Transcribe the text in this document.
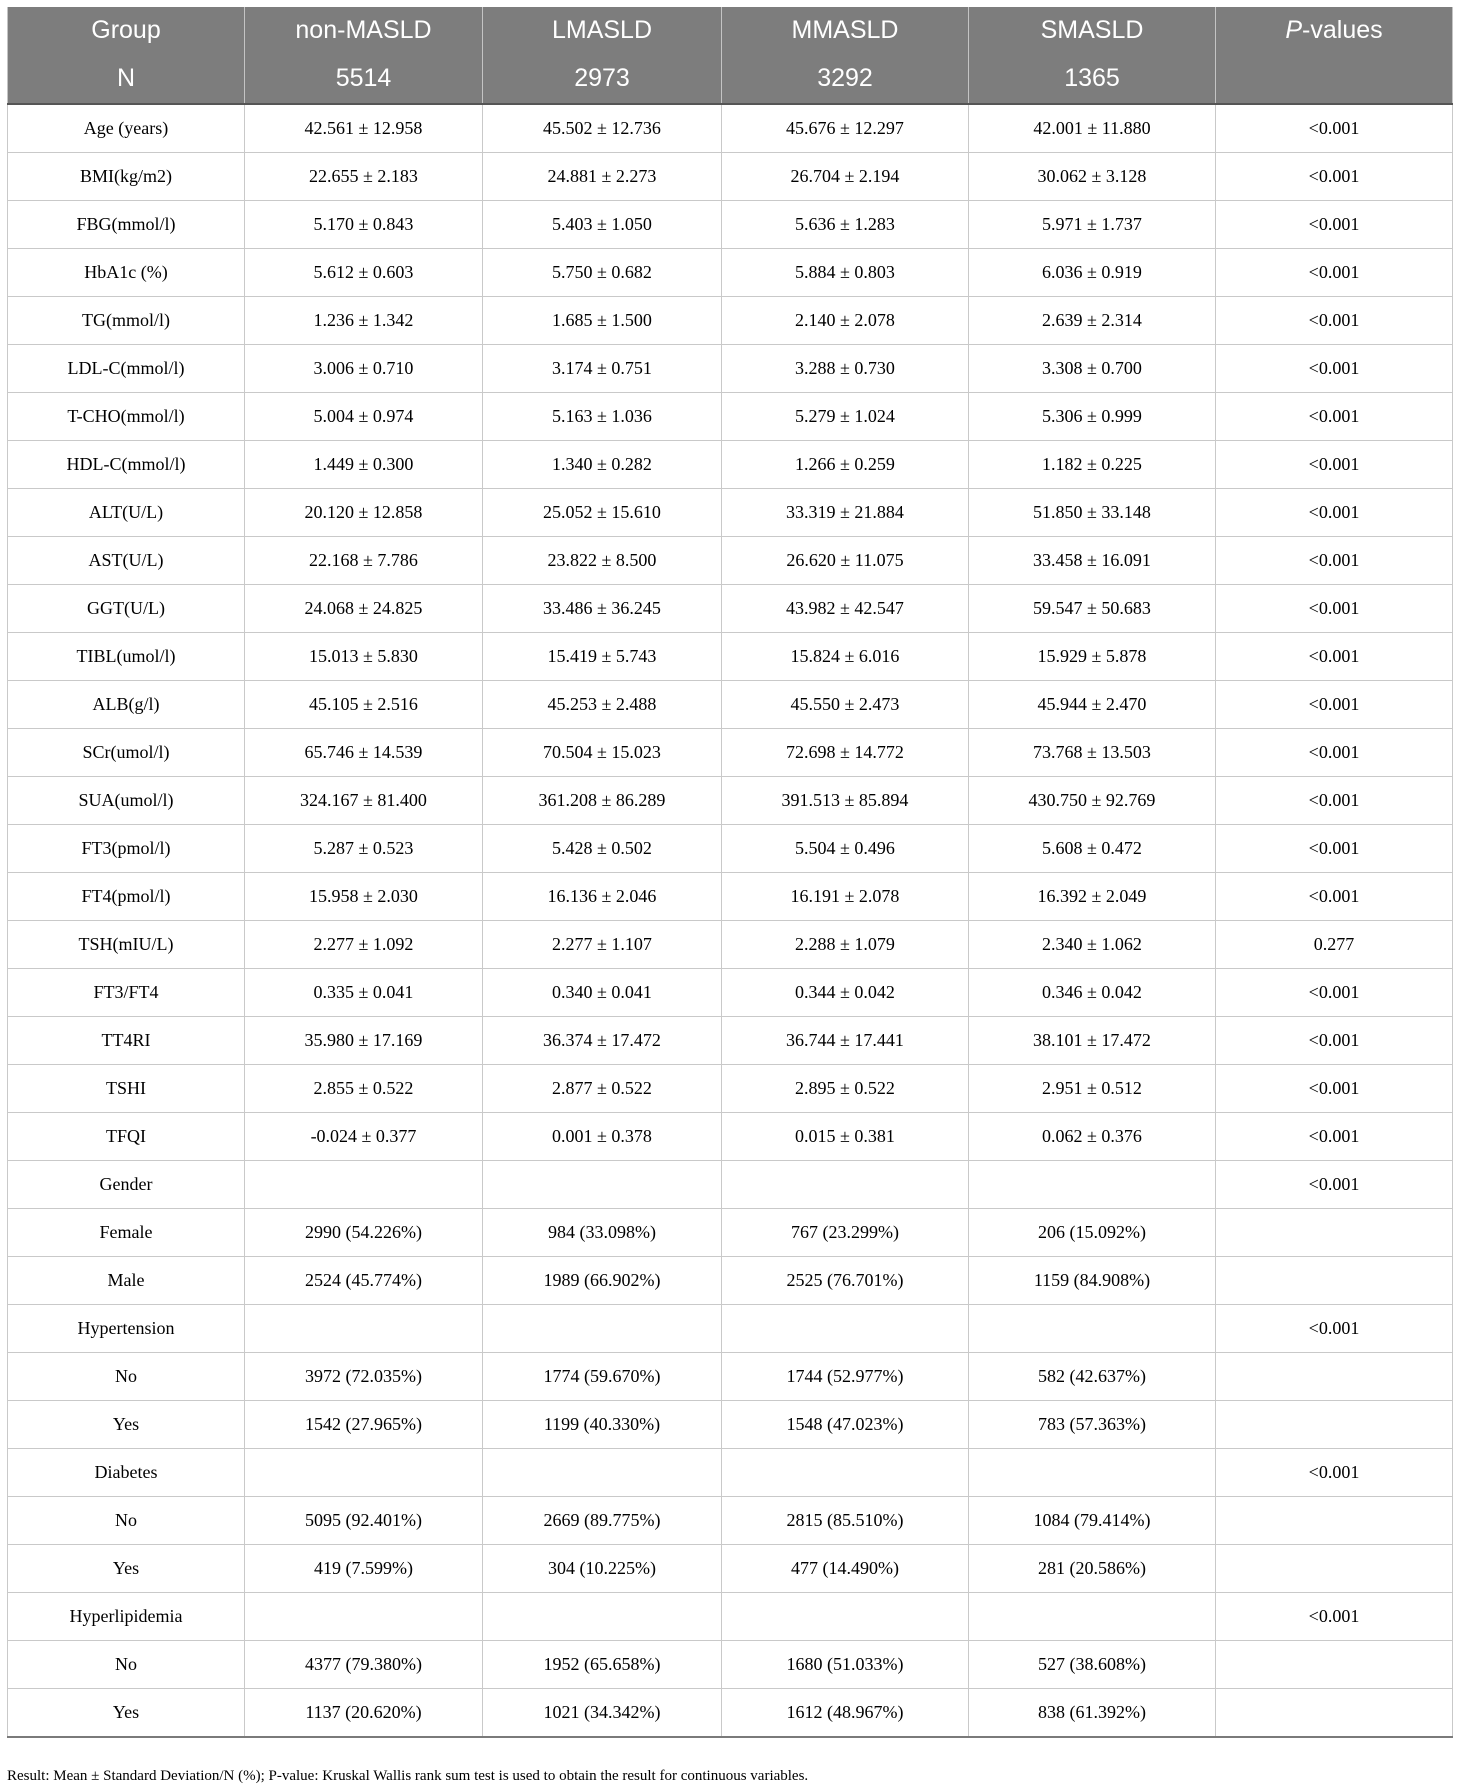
Group	non-MASLD	LMASLD	MMASLD	SMASLD	P-values
N	5514	2973	3292	1365	
Age (years)	42.561 ± 12.958	45.502 ± 12.736	45.676 ± 12.297	42.001 ± 11.880	<0.001
BMI(kg/m2)	22.655 ± 2.183	24.881 ± 2.273	26.704 ± 2.194	30.062 ± 3.128	<0.001
FBG(mmol/l)	5.170 ± 0.843	5.403 ± 1.050	5.636 ± 1.283	5.971 ± 1.737	<0.001
HbA1c (%)	5.612 ± 0.603	5.750 ± 0.682	5.884 ± 0.803	6.036 ± 0.919	<0.001
TG(mmol/l)	1.236 ± 1.342	1.685 ± 1.500	2.140 ± 2.078	2.639 ± 2.314	<0.001
LDL-C(mmol/l)	3.006 ± 0.710	3.174 ± 0.751	3.288 ± 0.730	3.308 ± 0.700	<0.001
T-CHO(mmol/l)	5.004 ± 0.974	5.163 ± 1.036	5.279 ± 1.024	5.306 ± 0.999	<0.001
HDL-C(mmol/l)	1.449 ± 0.300	1.340 ± 0.282	1.266 ± 0.259	1.182 ± 0.225	<0.001
ALT(U/L)	20.120 ± 12.858	25.052 ± 15.610	33.319 ± 21.884	51.850 ± 33.148	<0.001
AST(U/L)	22.168 ± 7.786	23.822 ± 8.500	26.620 ± 11.075	33.458 ± 16.091	<0.001
GGT(U/L)	24.068 ± 24.825	33.486 ± 36.245	43.982 ± 42.547	59.547 ± 50.683	<0.001
TIBL(umol/l)	15.013 ± 5.830	15.419 ± 5.743	15.824 ± 6.016	15.929 ± 5.878	<0.001
ALB(g/l)	45.105 ± 2.516	45.253 ± 2.488	45.550 ± 2.473	45.944 ± 2.470	<0.001
SCr(umol/l)	65.746 ± 14.539	70.504 ± 15.023	72.698 ± 14.772	73.768 ± 13.503	<0.001
SUA(umol/l)	324.167 ± 81.400	361.208 ± 86.289	391.513 ± 85.894	430.750 ± 92.769	<0.001
FT3(pmol/l)	5.287 ± 0.523	5.428 ± 0.502	5.504 ± 0.496	5.608 ± 0.472	<0.001
FT4(pmol/l)	15.958 ± 2.030	16.136 ± 2.046	16.191 ± 2.078	16.392 ± 2.049	<0.001
TSH(mIU/L)	2.277 ± 1.092	2.277 ± 1.107	2.288 ± 1.079	2.340 ± 1.062	0.277
FT3/FT4	0.335 ± 0.041	0.340 ± 0.041	0.344 ± 0.042	0.346 ± 0.042	<0.001
TT4RI	35.980 ± 17.169	36.374 ± 17.472	36.744 ± 17.441	38.101 ± 17.472	<0.001
TSHI	2.855 ± 0.522	2.877 ± 0.522	2.895 ± 0.522	2.951 ± 0.512	<0.001
TFQI	-0.024 ± 0.377	0.001 ± 0.378	0.015 ± 0.381	0.062 ± 0.376	<0.001
Gender					<0.001
Female	2990 (54.226%)	984 (33.098%)	767 (23.299%)	206 (15.092%)	
Male	2524 (45.774%)	1989 (66.902%)	2525 (76.701%)	1159 (84.908%)	
Hypertension					<0.001
No	3972 (72.035%)	1774 (59.670%)	1744 (52.977%)	582 (42.637%)	
Yes	1542 (27.965%)	1199 (40.330%)	1548 (47.023%)	783 (57.363%)	
Diabetes					<0.001
No	5095 (92.401%)	2669 (89.775%)	2815 (85.510%)	1084 (79.414%)	
Yes	419 (7.599%)	304 (10.225%)	477 (14.490%)	281 (20.586%)	
Hyperlipidemia					<0.001
No	4377 (79.380%)	1952 (65.658%)	1680 (51.033%)	527 (38.608%)	
Yes	1137 (20.620%)	1021 (34.342%)	1612 (48.967%)	838 (61.392%)	
Result: Mean ± Standard Deviation/N (%); P-value: Kruskal Wallis rank sum test is used to obtain the result for continuous variables.
